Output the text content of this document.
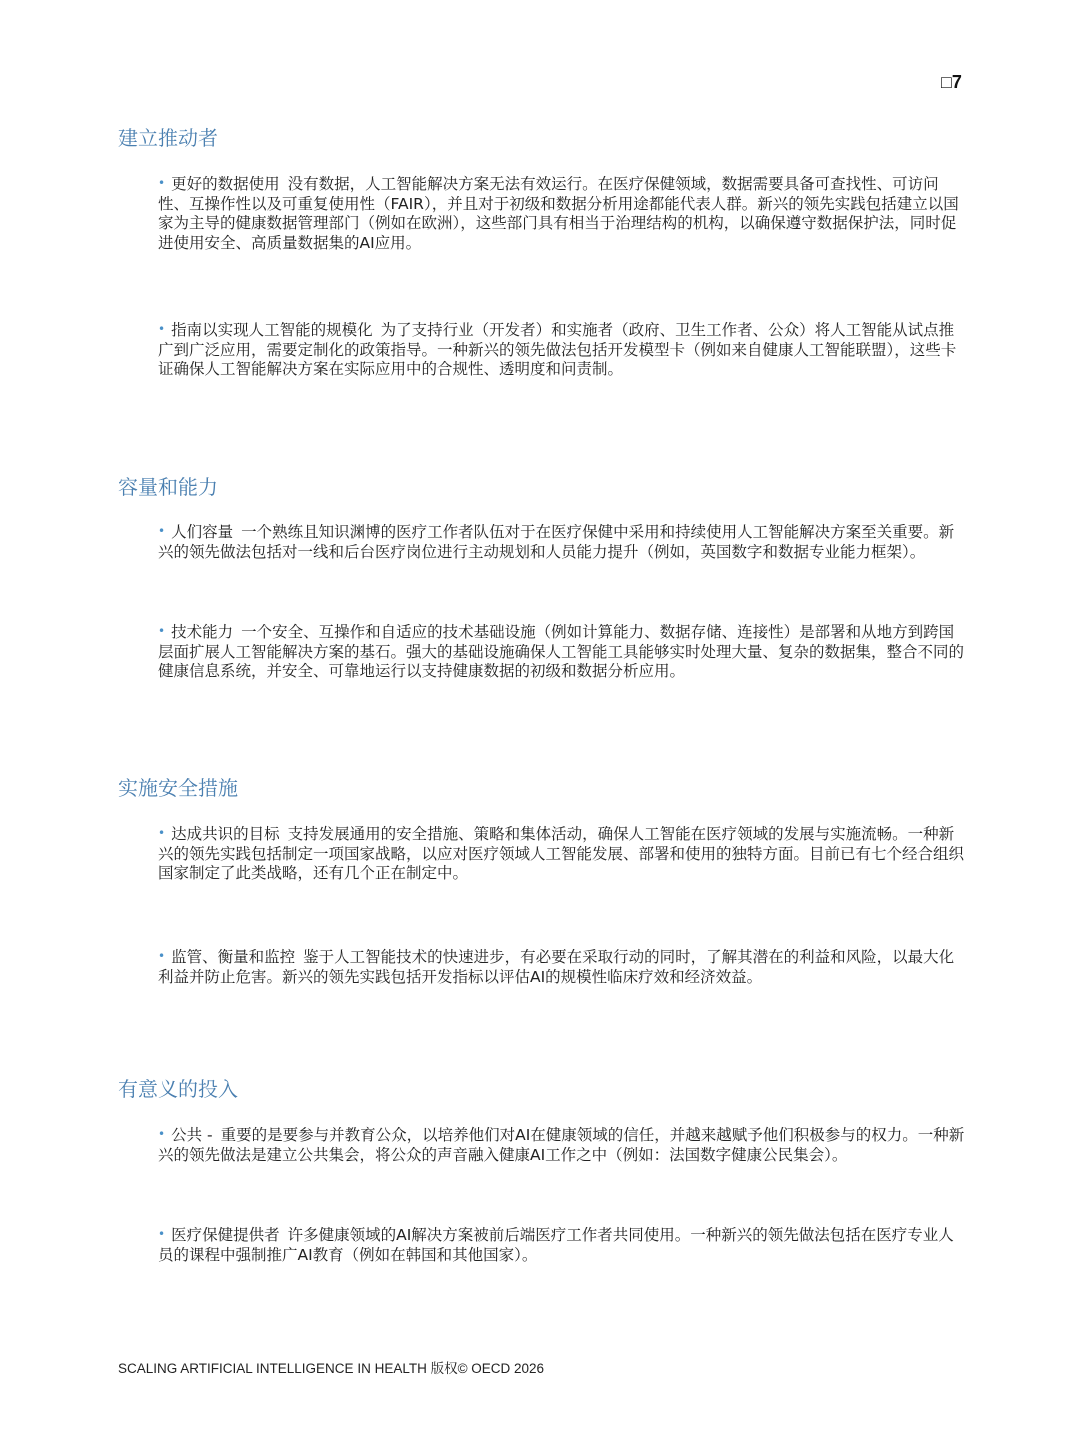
□7
建立推动者

• 更好的数据使用 没有数据，人工智能解决方案无法有效运行。在医疗保健领域，数据需要具备可查找性、可访问性、互操作性以及可重复使用性（FAIR），并且对于初级和数据分析用途都能代表人群。新兴的领先实践包括建立以国家为主导的健康数据管理部门（例如在欧洲），这些部门具有相当于治理结构的机构，以确保遵守数据保护法，同时促进使用安全、高质量数据集的AI应用。

• 指南以实现人工智能的规模化 为了支持行业（开发者）和实施者（政府、卫生工作者、公众）将人工智能从试点推广到广泛应用，需要定制化的政策指导。一种新兴的领先做法包括开发模型卡（例如来自健康人工智能联盟），这些卡证确保人工智能解决方案在实际应用中的合规性、透明度和问责制。

容量和能力

• 人们容量 一个熟练且知识渊博的医疗工作者队伍对于在医疗保健中采用和持续使用人工智能解决方案至关重要。新兴的领先做法包括对一线和后台医疗岗位进行主动规划和人员能力提升（例如，英国数字和数据专业能力框架）。

• 技术能力 一个安全、互操作和自适应的技术基础设施（例如计算能力、数据存储、连接性）是部署和从地方到跨国层面扩展人工智能解决方案的基石。强大的基础设施确保人工智能工具能够实时处理大量、复杂的数据集，整合不同的健康信息系统，并安全、可靠地运行以支持健康数据的初级和数据分析应用。

实施安全措施

• 达成共识的目标 支持发展通用的安全措施、策略和集体活动，确保人工智能在医疗领域的发展与实施流畅。一种新兴的领先实践包括制定一项国家战略，以应对医疗领域人工智能发展、部署和使用的独特方面。目前已有七个经合组织国家制定了此类战略，还有几个正在制定中。

• 监管、衡量和监控 鉴于人工智能技术的快速进步，有必要在采取行动的同时，了解其潜在的利益和风险，以最大化利益并防止危害。新兴的领先实践包括开发指标以评估AI的规模性临床疗效和经济效益。

有意义的投入

• 公共 - 重要的是要参与并教育公众，以培养他们对AI在健康领域的信任，并越来越赋予他们积极参与的权力。一种新兴的领先做法是建立公共集会，将公众的声音融入健康AI工作之中（例如：法国数字健康公民集会）。

• 医疗保健提供者 许多健康领域的AI解决方案被前后端医疗工作者共同使用。一种新兴的领先做法包括在医疗专业人员的课程中强制推广AI教育（例如在韩国和其他国家）。

SCALING ARTIFICIAL INTELLIGENCE IN HEALTH 版权© OECD 2026
